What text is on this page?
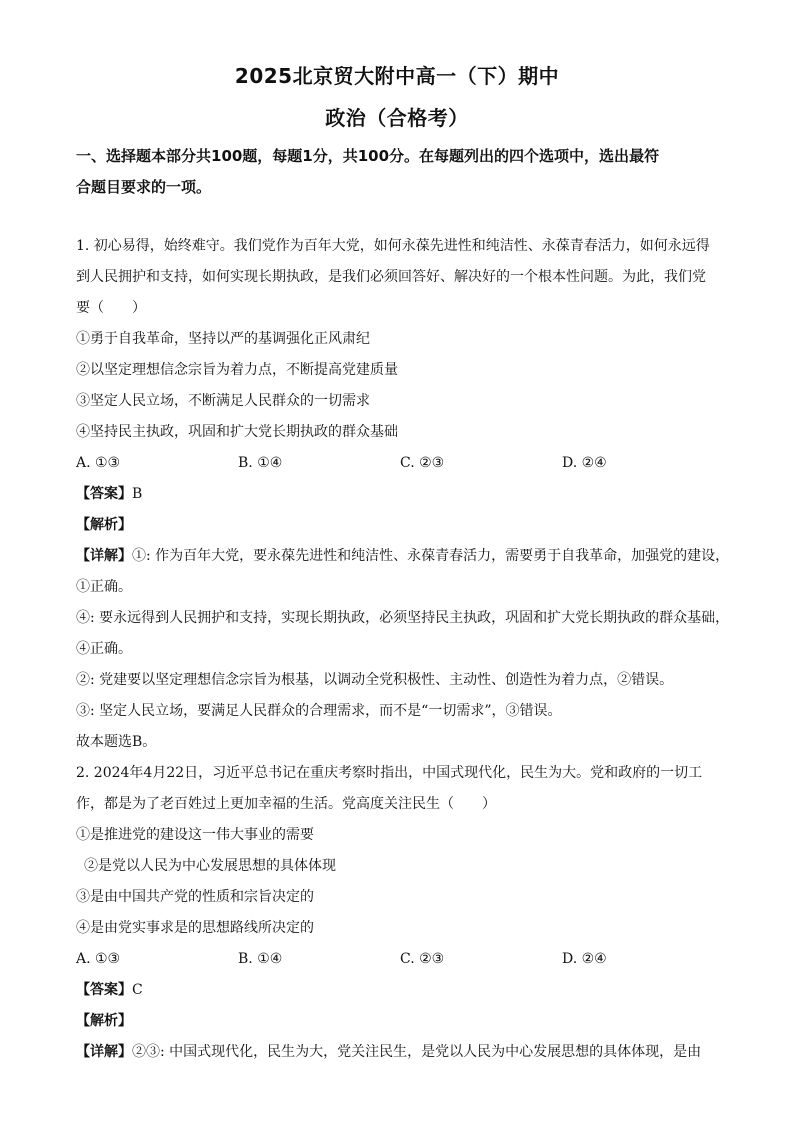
2025北京贸大附中高一（下）期中
政治（合格考）
一、选择题本部分共100题，每题1分，共100分。在每题列出的四个选项中，选出最符
合题目要求的一项。
1. 初心易得，始终难守。我们党作为百年大党，如何永葆先进性和纯洁性、永葆青春活力，如何永远得
到人民拥护和支持，如何实现长期执政，是我们必须回答好、解决好的一个根本性问题。为此，我们党
要（　　）
①勇于自我革命，坚持以严的基调强化正风肃纪
②以坚定理想信念宗旨为着力点，不断提高党建质量
③坚定人民立场，不断满足人民群众的一切需求
④坚持民主执政，巩固和扩大党长期执政的群众基础
A. ①③	B. ①④	C. ②③	D. ②④
【答案】B
【解析】
【详解】①: 作为百年大党，要永葆先进性和纯洁性、永葆青春活力，需要勇于自我革命，加强党的建设，
①正确。
④: 要永远得到人民拥护和支持，实现长期执政，必须坚持民主执政，巩固和扩大党长期执政的群众基础，
④正确。
②: 党建要以坚定理想信念宗旨为根基，以调动全党积极性、主动性、创造性为着力点，②错误。
③: 坚定人民立场，要满足人民群众的合理需求，而不是“一切需求”，③错误。
故本题选B。
2. 2024年4月22日，习近平总书记在重庆考察时指出，中国式现代化，民生为大。党和政府的一切工
作，都是为了老百姓过上更加幸福的生活。党高度关注民生（　　）
①是推进党的建设这一伟大事业的需要
②是党以人民为中心发展思想的具体体现
③是由中国共产党的性质和宗旨决定的
④是由党实事求是的思想路线所决定的
A. ①③	B. ①④	C. ②③	D. ②④
【答案】C
【解析】
【详解】②③: 中国式现代化，民生为大，党关注民生，是党以人民为中心发展思想的具体体现，是由
